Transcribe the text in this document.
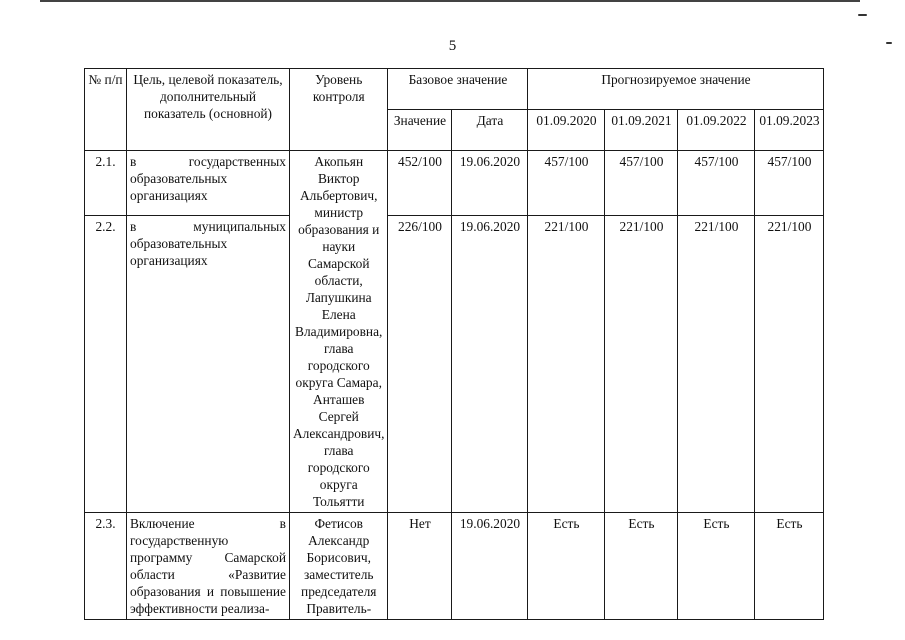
5
№ п/п	Цель, целевой показатель, дополнительный показатель (основной)	Уровень контроля	Базовое значение		Прогнозируемое значение			
			Значение	Дата	01.09.2020	01.09.2021	01.09.2022	01.09.2023
2.1.	в государственных образовательных организациях	Акопьян Виктор Альбертович, министр образования и науки Самарской области, Лапушкина Елена Владимировна, глава городского округа Самара, Анташев Сергей Александрович, глава городского округа Тольятти	452/100	19.06.2020	457/100	457/100	457/100	457/100
2.2.	в муниципальных образовательных организациях		226/100	19.06.2020	221/100	221/100	221/100	221/100
2.3.	Включение в государственную программу Самарской области «Развитие образования и повышение эффективности реализа-	Фетисов Александр Борисович, заместитель председателя Правитель-	Нет	19.06.2020	Есть	Есть	Есть	Есть
